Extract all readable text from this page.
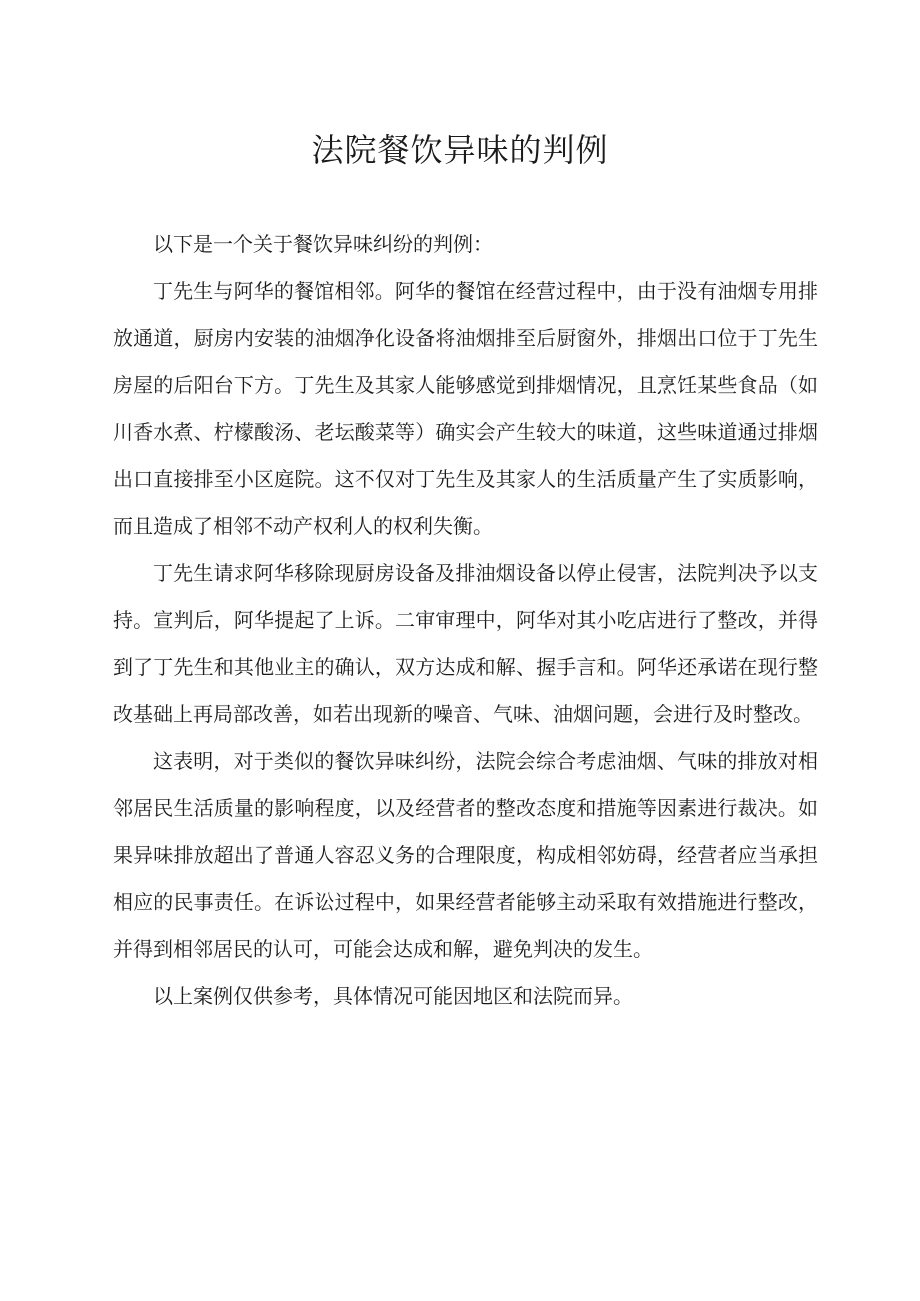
法院餐饮异味的判例

以下是一个关于餐饮异味纠纷的判例：

丁先生与阿华的餐馆相邻。阿华的餐馆在经营过程中，由于没有油烟专用排放通道，厨房内安装的油烟净化设备将油烟排至后厨窗外，排烟出口位于丁先生房屋的后阳台下方。丁先生及其家人能够感觉到排烟情况，且烹饪某些食品（如川香水煮、柠檬酸汤、老坛酸菜等）确实会产生较大的味道，这些味道通过排烟出口直接排至小区庭院。这不仅对丁先生及其家人的生活质量产生了实质影响，而且造成了相邻不动产权利人的权利失衡。

丁先生请求阿华移除现厨房设备及排油烟设备以停止侵害，法院判决予以支持。宣判后，阿华提起了上诉。二审审理中，阿华对其小吃店进行了整改，并得到了丁先生和其他业主的确认，双方达成和解、握手言和。阿华还承诺在现行整改基础上再局部改善，如若出现新的噪音、气味、油烟问题，会进行及时整改。

这表明，对于类似的餐饮异味纠纷，法院会综合考虑油烟、气味的排放对相邻居民生活质量的影响程度，以及经营者的整改态度和措施等因素进行裁决。如果异味排放超出了普通人容忍义务的合理限度，构成相邻妨碍，经营者应当承担相应的民事责任。在诉讼过程中，如果经营者能够主动采取有效措施进行整改，并得到相邻居民的认可，可能会达成和解，避免判决的发生。

以上案例仅供参考，具体情况可能因地区和法院而异。
